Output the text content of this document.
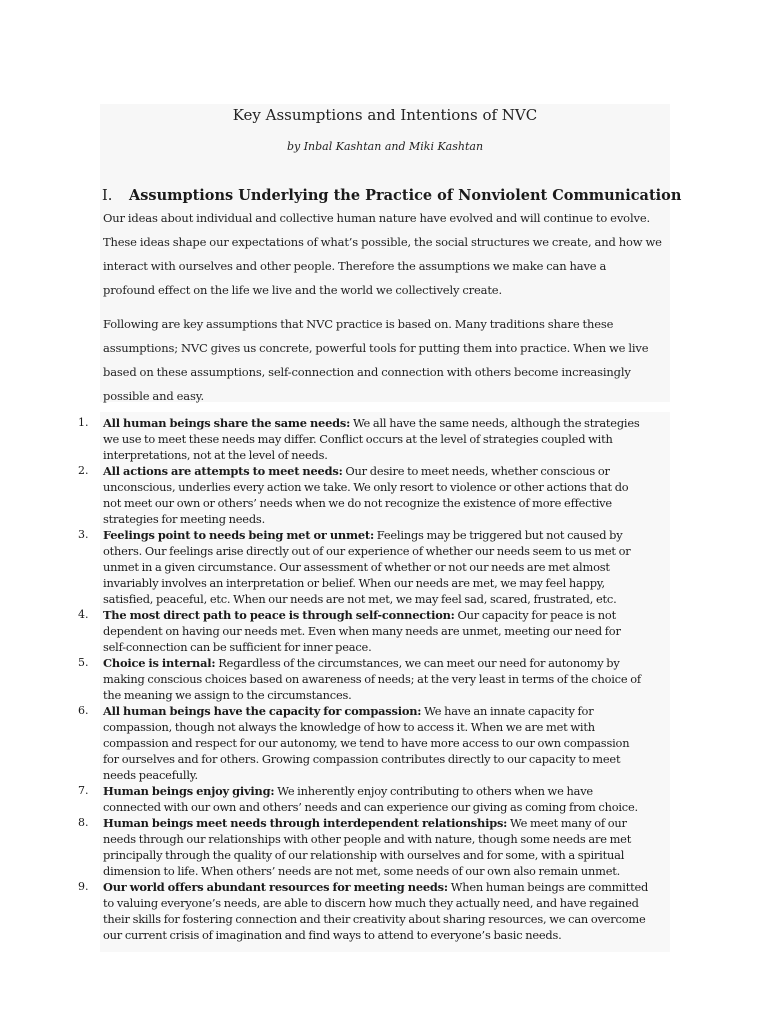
Key Assumptions and Intentions of NVC
by Inbal Kashtan and Miki Kashtan
I. Assumptions Underlying the Practice of Nonviolent Communication
Our ideas about individual and collective human nature have evolved and will continue to evolve.
These ideas shape our expectations of what’s possible, the social structures we create, and how we
interact with ourselves and other people. Therefore the assumptions we make can have a
profound effect on the life we live and the world we collectively create.
Following are key assumptions that NVC practice is based on. Many traditions share these
assumptions; NVC gives us concrete, powerful tools for putting them into practice. When we live
based on these assumptions, self-connection and connection with others become increasingly
possible and easy.
1.	All human beings share the same needs: We all have the same needs, although the strategies
we use to meet these needs may differ. Conflict occurs at the level of strategies coupled with
interpretations, not at the level of needs.
2.	All actions are attempts to meet needs: Our desire to meet needs, whether conscious or
unconscious, underlies every action we take. We only resort to violence or other actions that do
not meet our own or others’ needs when we do not recognize the existence of more effective
strategies for meeting needs.
3.	Feelings point to needs being met or unmet: Feelings may be triggered but not caused by
others. Our feelings arise directly out of our experience of whether our needs seem to us met or
unmet in a given circumstance. Our assessment of whether or not our needs are met almost
invariably involves an interpretation or belief. When our needs are met, we may feel happy,
satisfied, peaceful, etc. When our needs are not met, we may feel sad, scared, frustrated, etc.
4.	The most direct path to peace is through self-connection: Our capacity for peace is not
dependent on having our needs met. Even when many needs are unmet, meeting our need for
self-connection can be sufficient for inner peace.
5.	Choice is internal: Regardless of the circumstances, we can meet our need for autonomy by
making conscious choices based on awareness of needs; at the very least in terms of the choice of
the meaning we assign to the circumstances.
6.	All human beings have the capacity for compassion: We have an innate capacity for
compassion, though not always the knowledge of how to access it. When we are met with
compassion and respect for our autonomy, we tend to have more access to our own compassion
for ourselves and for others. Growing compassion contributes directly to our capacity to meet
needs peacefully.
7.	Human beings enjoy giving: We inherently enjoy contributing to others when we have
connected with our own and others’ needs and can experience our giving as coming from choice.
8.	Human beings meet needs through interdependent relationships: We meet many of our
needs through our relationships with other people and with nature, though some needs are met
principally through the quality of our relationship with ourselves and for some, with a spiritual
dimension to life. When others’ needs are not met, some needs of our own also remain unmet.
9.	Our world offers abundant resources for meeting needs: When human beings are committed
to valuing everyone’s needs, are able to discern how much they actually need, and have regained
their skills for fostering connection and their creativity about sharing resources, we can overcome
our current crisis of imagination and find ways to attend to everyone’s basic needs.
